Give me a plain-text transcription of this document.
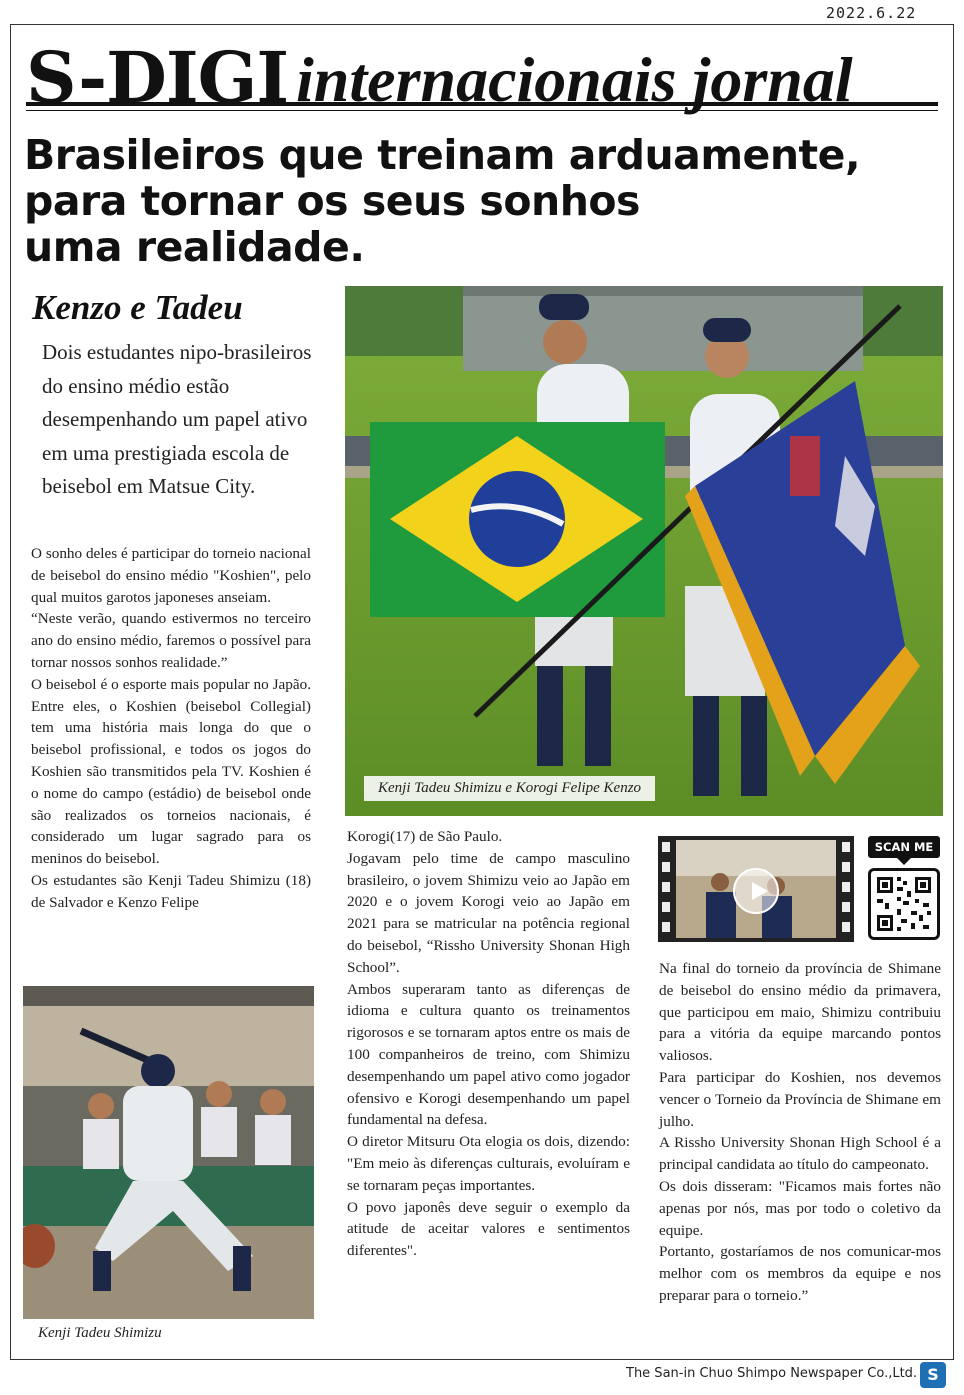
2022.6.22
S-DIGI internacionais jornal
Brasileiros que treinam arduamente,
para tornar os seus sonhos
uma realidade.
Kenzo e Tadeu
Dois estudantes nipo-brasileiros do ensino médio estão desempenhando um papel ativo em uma prestigiada escola de beisebol em Matsue City.

O sonho deles é participar do torneio nacional de beisebol do ensino médio "Koshien", pelo qual muitos garotos japoneses anseiam.

“Neste verão, quando estivermos no terceiro ano do ensino médio, faremos o possível para tornar nossos sonhos realidade.”

O beisebol é o esporte mais popular no Japão. Entre eles, o Koshien (beisebol Collegial) tem uma história mais longa do que o beisebol profissional, e todos os jogos do Koshien são transmitidos pela TV. Koshien é o nome do campo (estádio) de beisebol onde são realizados os torneios nacionais, é considerado um lugar sagrado para os meninos do beisebol.

Os estudantes são Kenji Tadeu Shimizu (18) de Salvador e Kenzo Felipe

Kenji Tadeu Shimizu e Korogi Felipe Kenzo
Kenji Tadeu Shimizu

Korogi(17) de São Paulo.

Jogavam pelo time de campo masculino brasileiro, o jovem Shimizu veio ao Japão em 2020 e o jovem Korogi veio ao Japão em 2021 para se matricular na potência regional do beisebol, “Rissho University Shonan High School”.

Ambos superaram tanto as diferenças de idioma e cultura quanto os treinamentos rigorosos e se tornaram aptos entre os mais de 100 companheiros de treino, com Shimizu desempenhando um papel ativo como jogador ofensivo e Korogi desempenhando um papel fundamental na defesa.

O diretor Mitsuru Ota elogia os dois, dizendo: "Em meio às diferenças culturais, evoluíram e se tornaram peças importantes.

O povo japonês deve seguir o exemplo da atitude de aceitar valores e sentimentos diferentes".

SCAN ME

Na final do torneio da província de Shimane de beisebol do ensino médio da primavera, que participou em maio, Shimizu contribuiu para a vitória da equipe marcando pontos valiosos.

Para participar do Koshien, nos devemos vencer o Torneio da Província de Shimane em julho.

A Rissho University Shonan High School é a principal candidata ao título do campeonato.

Os dois disseram: "Ficamos mais fortes não apenas por nós, mas por todo o coletivo da equipe.

Portanto, gostaríamos de nos comunicar-mos melhor com os membros da equipe e nos preparar para o torneio.”

The San-in Chuo Shimpo Newspaper Co.,Ltd. S
